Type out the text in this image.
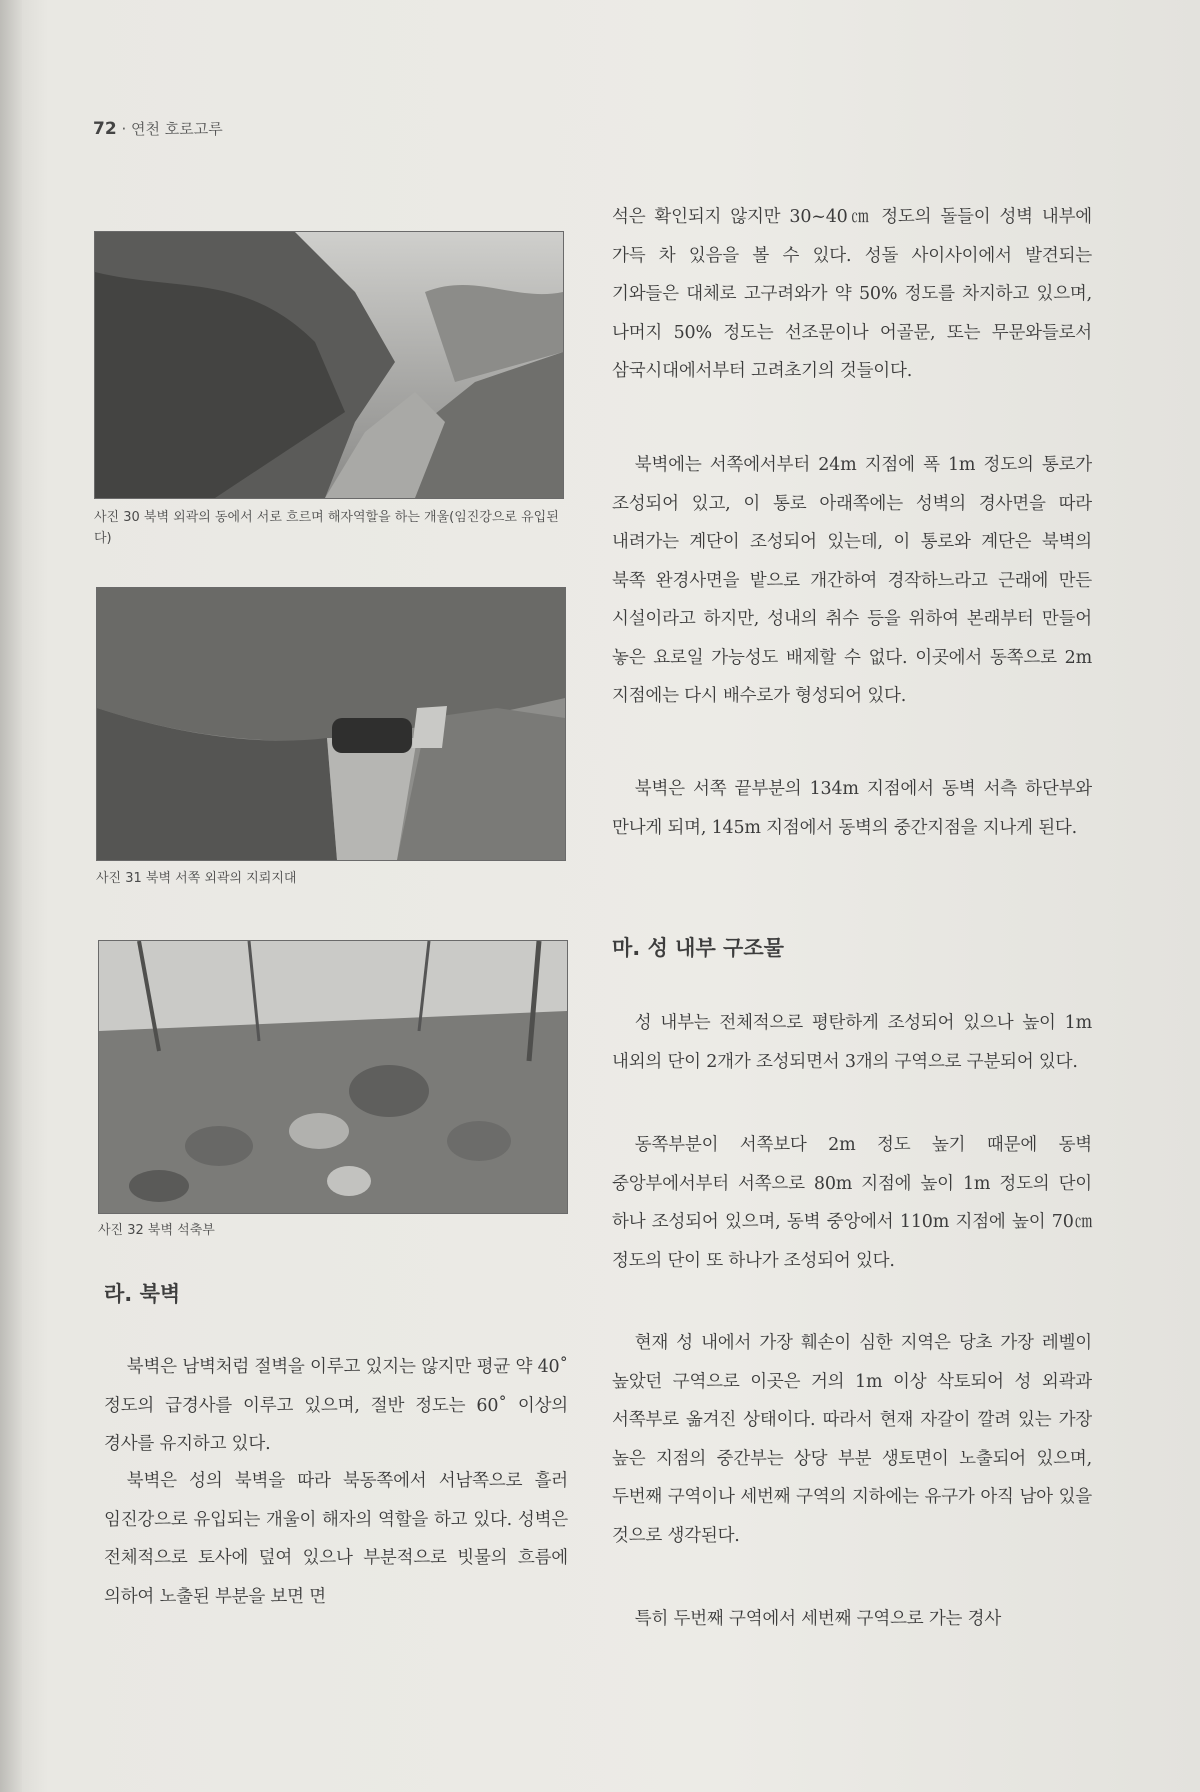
72 · 연천 호로고루
사진 30 북벽 외곽의 동에서 서로 흐르며 해자역할을 하는 개울(임진강으로 유입된다)
사진 31 북벽 서쪽 외곽의 지뢰지대
사진 32 북벽 석축부
라. 북벽

북벽은 남벽처럼 절벽을 이루고 있지는 않지만 평균 약 40˚ 정도의 급경사를 이루고 있으며, 절반 정도는 60˚ 이상의 경사를 유지하고 있다.

북벽은 성의 북벽을 따라 북동쪽에서 서남쪽으로 흘러 임진강으로 유입되는 개울이 해자의 역할을 하고 있다. 성벽은 전체적으로 토사에 덮여 있으나 부분적으로 빗물의 흐름에 의하여 노출된 부분을 보면 면

석은 확인되지 않지만 30~40㎝ 정도의 돌들이 성벽 내부에 가득 차 있음을 볼 수 있다. 성돌 사이사이에서 발견되는 기와들은 대체로 고구려와가 약 50% 정도를 차지하고 있으며, 나머지 50% 정도는 선조문이나 어골문, 또는 무문와들로서 삼국시대에서부터 고려초기의 것들이다.

북벽에는 서쪽에서부터 24m 지점에 폭 1m 정도의 통로가 조성되어 있고, 이 통로 아래쪽에는 성벽의 경사면을 따라 내려가는 계단이 조성되어 있는데, 이 통로와 계단은 북벽의 북쪽 완경사면을 밭으로 개간하여 경작하느라고 근래에 만든 시설이라고 하지만, 성내의 취수 등을 위하여 본래부터 만들어 놓은 요로일 가능성도 배제할 수 없다. 이곳에서 동쪽으로 2m 지점에는 다시 배수로가 형성되어 있다.

북벽은 서쪽 끝부분의 134m 지점에서 동벽 서측 하단부와 만나게 되며, 145m 지점에서 동벽의 중간지점을 지나게 된다.

마. 성 내부 구조물

성 내부는 전체적으로 평탄하게 조성되어 있으나 높이 1m 내외의 단이 2개가 조성되면서 3개의 구역으로 구분되어 있다.

동쪽부분이 서쪽보다 2m 정도 높기 때문에 동벽 중앙부에서부터 서쪽으로 80m 지점에 높이 1m 정도의 단이 하나 조성되어 있으며, 동벽 중앙에서 110m 지점에 높이 70㎝ 정도의 단이 또 하나가 조성되어 있다.

현재 성 내에서 가장 훼손이 심한 지역은 당초 가장 레벨이 높았던 구역으로 이곳은 거의 1m 이상 삭토되어 성 외곽과 서쪽부로 옮겨진 상태이다. 따라서 현재 자갈이 깔려 있는 가장 높은 지점의 중간부는 상당 부분 생토면이 노출되어 있으며, 두번째 구역이나 세번째 구역의 지하에는 유구가 아직 남아 있을 것으로 생각된다.

특히 두번째 구역에서 세번째 구역으로 가는 경사
